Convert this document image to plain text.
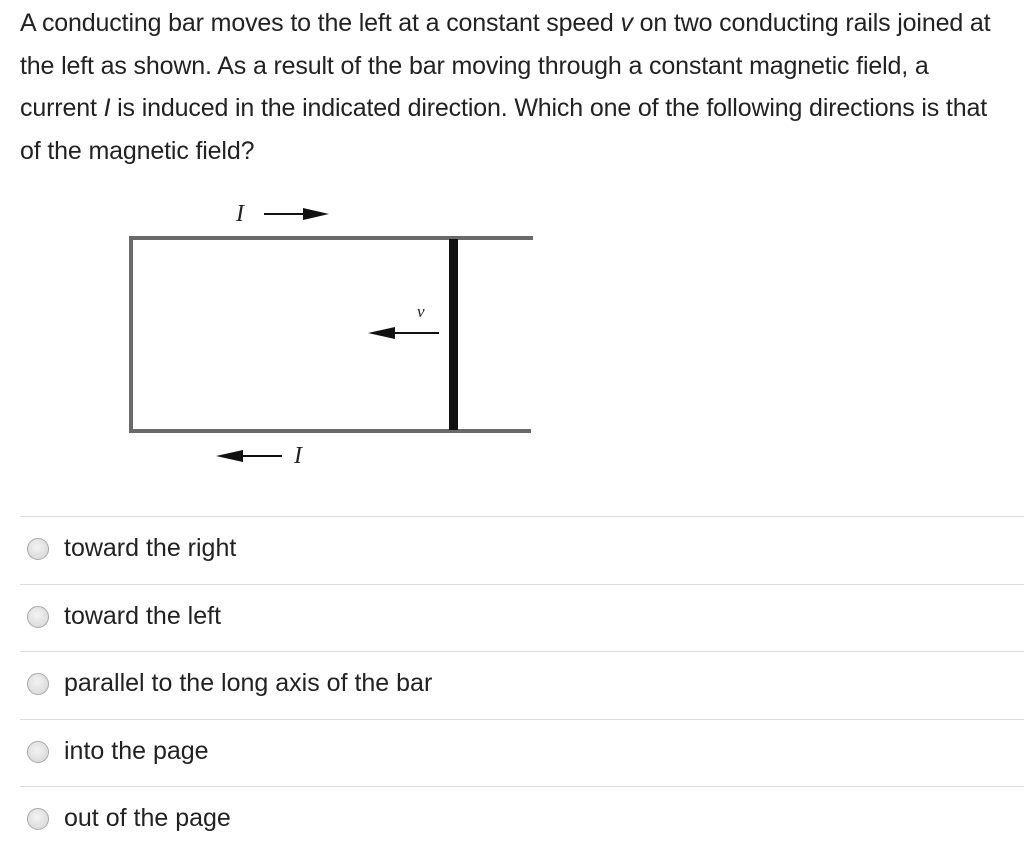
A conducting bar moves to the left at a constant speed v on two conducting rails joined at the left as shown. As a result of the bar moving through a constant magnetic field, a current I is induced in the indicated direction. Which one of the following directions is that of the magnetic field?

I
v
I
toward the right
toward the left
parallel to the long axis of the bar
into the page
out of the page
